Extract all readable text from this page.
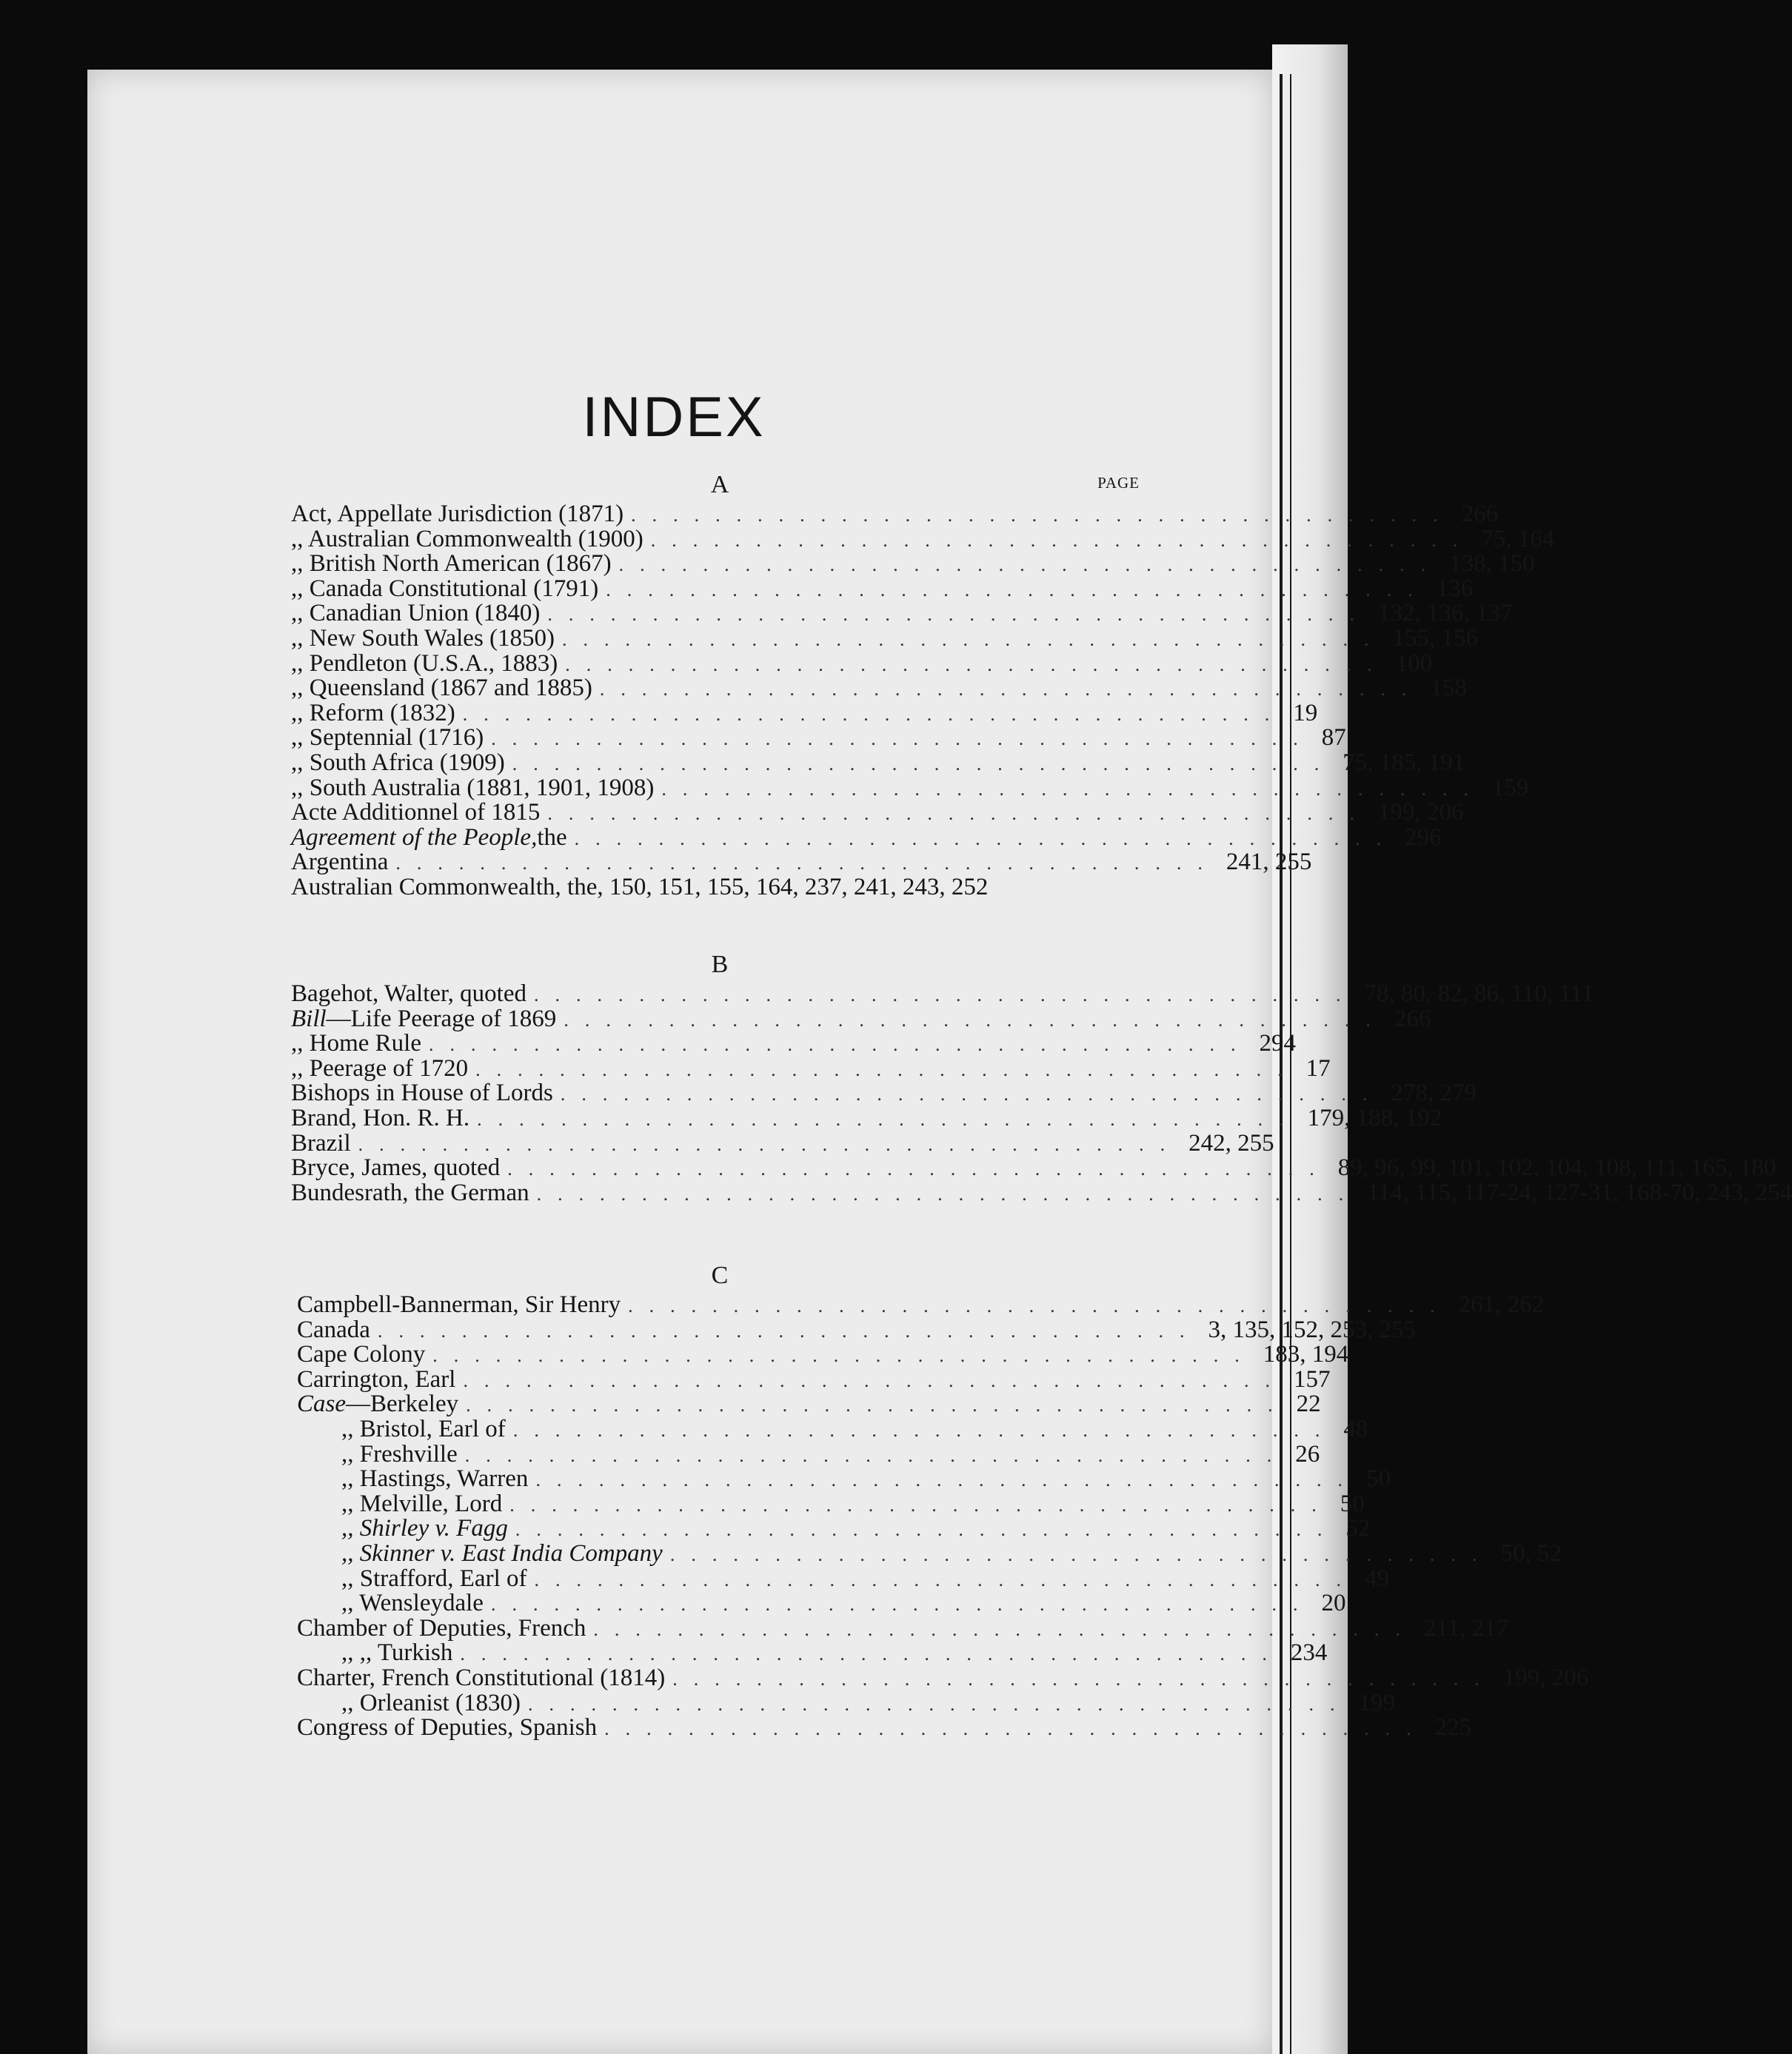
INDEX
A	PAGE
Act, Appellate Jurisdiction (1871) ....................................... 266
,, Australian Commonwealth (1900) ....................................... 75, 164
,, British North American (1867) ....................................... 138, 150
,, Canada Constitutional (1791) ....................................... 136
,, Canadian Union (1840) ....................................... 132, 136, 137
,, New South Wales (1850) ....................................... 155, 156
,, Pendleton (U.S.A., 1883) ....................................... 100
,, Queensland (1867 and 1885) ....................................... 158
,, Reform (1832) ....................................... 19
,, Septennial (1716) ....................................... 87
,, South Africa (1909) ....................................... 75, 185, 191
,, South Australia (1881, 1901, 1908) ....................................... 159
Acte Additionnel of 1815 ....................................... 199, 206
Agreement of the People, the ....................................... 296
Argentina ....................................... 241, 255
Australian Commonwealth, the, 150, 151, 155, 164, 237, 241, 243, 252
B
Bagehot, Walter, quoted ....................................... 78, 80, 82, 86, 110, 111
Bill —Life Peerage of 1869 ....................................... 266
,, Home Rule ....................................... 294
,, Peerage of 1720 ....................................... 17
Bishops in House of Lords ....................................... 278, 279
Brand, Hon. R. H. ....................................... 179, 188, 192
Brazil ....................................... 242, 255
Bryce, James, quoted ....................................... 89, 96, 99, 101, 102, 104, 108, 111, 165, 180
Bundesrath, the German ....................................... 114, 115, 117-24, 127-31, 168-70, 243, 254
C
Campbell-Bannerman, Sir Henry ....................................... 261, 262
Canada ....................................... 3, 135, 152, 253, 255
Cape Colony ....................................... 183, 194
Carrington, Earl ....................................... 157
Case —Berkeley ....................................... 22
,, Bristol, Earl of ....................................... 48
,, Freshville ....................................... 26
,, Hastings, Warren ....................................... 50
,, Melville, Lord ....................................... 50
,, Shirley v. Fagg ....................................... 52
,, Skinner v. East India Company ....................................... 50, 52
,, Strafford, Earl of ....................................... 49
,, Wensleydale ....................................... 20
Chamber of Deputies, French ....................................... 211, 217
,, ,, Turkish ....................................... 234
Charter, French Constitutional (1814) ....................................... 199, 206
,, Orleanist (1830) ....................................... 199
Congress of Deputies, Spanish ....................................... 225
